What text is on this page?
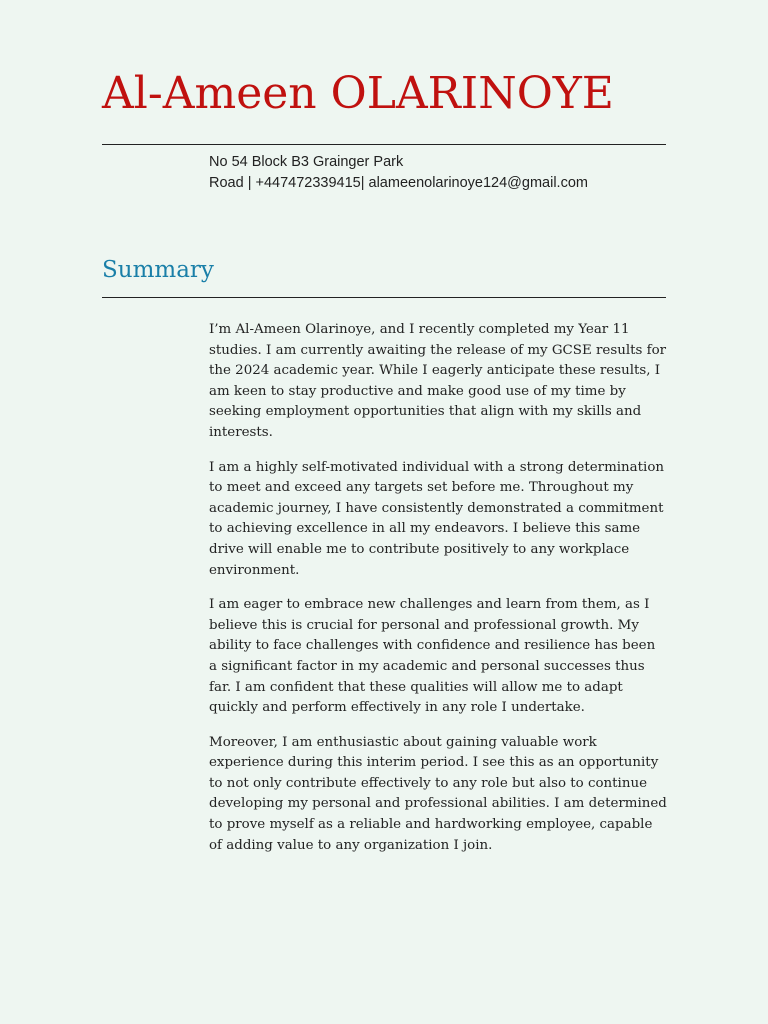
Al-Ameen OLARINOYE
No 54 Block B3 Grainger Park
Road | +447472339415| alameenolarinoye124@gmail.com
Summary

I’m Al-Ameen Olarinoye, and I recently completed my Year 11 studies. I am currently awaiting the release of my GCSE results for the 2024 academic year. While I eagerly anticipate these results, I am keen to stay productive and make good use of my time by seeking employment opportunities that align with my skills and interests.

I am a highly self-motivated individual with a strong determination to meet and exceed any targets set before me. Throughout my academic journey, I have consistently demonstrated a commitment to achieving excellence in all my endeavors. I believe this same drive will enable me to contribute positively to any workplace environment.

I am eager to embrace new challenges and learn from them, as I believe this is crucial for personal and professional growth. My ability to face challenges with confidence and resilience has been a significant factor in my academic and personal successes thus far. I am confident that these qualities will allow me to adapt quickly and perform effectively in any role I undertake.

Moreover, I am enthusiastic about gaining valuable work experience during this interim period. I see this as an opportunity to not only contribute effectively to any role but also to continue developing my personal and professional abilities. I am determined to prove myself as a reliable and hardworking employee, capable of adding value to any organization I join.
